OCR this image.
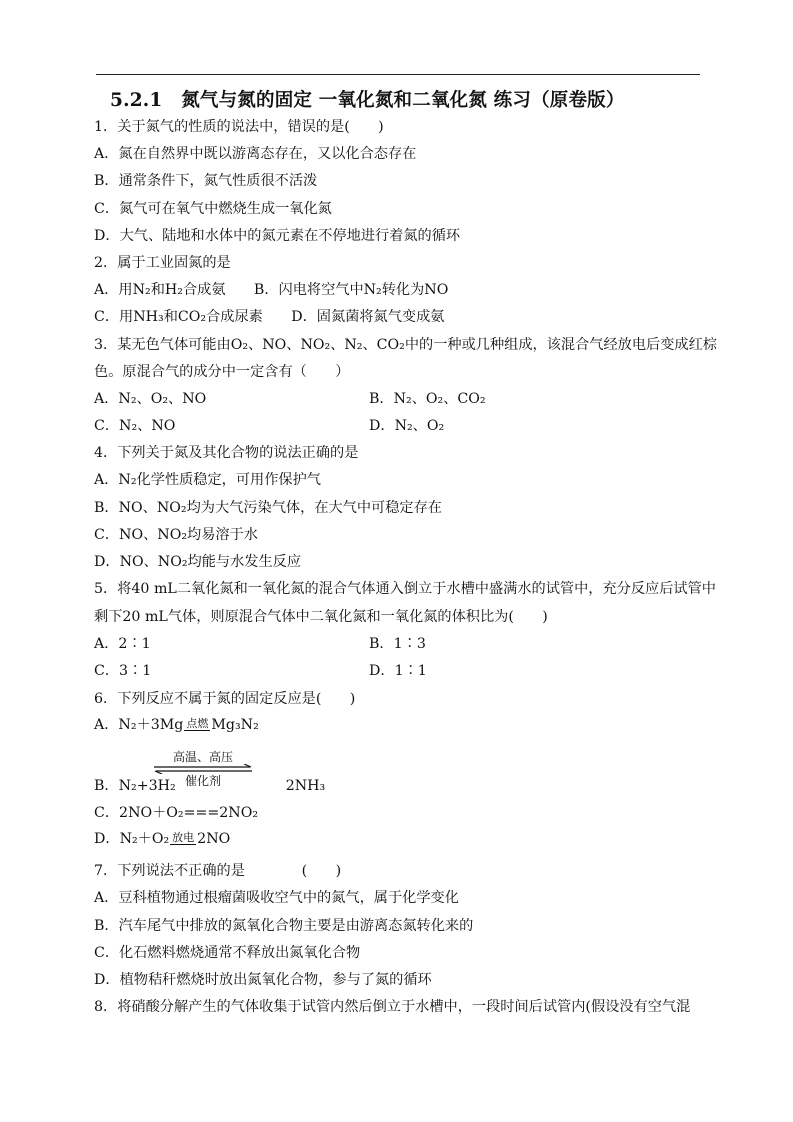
5.2.1　氮气与氮的固定 一氧化氮和二氧化氮 练习（原卷版）
1．关于氮气的性质的说法中，错误的是(　　)
A．氮在自然界中既以游离态存在，又以化合态存在
B．通常条件下，氮气性质很不活泼
C．氮气可在氧气中燃烧生成一氧化氮
D．大气、陆地和水体中的氮元素在不停地进行着氮的循环
2．属于工业固氮的是
A．用N₂和H₂合成氨　　B．闪电将空气中N₂转化为NO
C．用NH₃和CO₂合成尿素　　D．固氮菌将氮气变成氨
3．某无色气体可能由O₂、NO、NO₂、N₂、CO₂中的一种或几种组成，该混合气经放电后变成红棕
色。原混合气的成分中一定含有（　　）
A．N₂、O₂、NO	B．N₂、O₂、CO₂
C．N₂、NO	D．N₂、O₂
4．下列关于氮及其化合物的说法正确的是
A．N₂化学性质稳定，可用作保护气
B．NO、NO₂均为大气污染气体，在大气中可稳定存在
C．NO、NO₂均易溶于水
D．NO、NO₂均能与水发生反应
5．将40 mL二氧化氮和一氧化氮的混合气体通入倒立于水槽中盛满水的试管中，充分反应后试管中
剩下20 mL气体，则原混合气体中二氧化氮和一氧化氮的体积比为(　　)
A．2∶1	B．1∶3
C．3∶1	D．1∶1
6．下列反应不属于氮的固定反应是(　　)
A．N₂＋3Mg 点燃 Mg₃N₂
B．N₂+3H₂	2NH₃
高温、高压
催化剂
C．2NO＋O₂===2NO₂
D．N₂＋O₂ 放电 2NO
7．下列说法不正确的是　　　　(　　)
A．豆科植物通过根瘤菌吸收空气中的氮气，属于化学变化
B．汽车尾气中排放的氮氧化合物主要是由游离态氮转化来的
C．化石燃料燃烧通常不释放出氮氧化合物
D．植物秸秆燃烧时放出氮氧化合物，参与了氮的循环
8．将硝酸分解产生的气体收集于试管内然后倒立于水槽中，一段时间后试管内(假设没有空气混
